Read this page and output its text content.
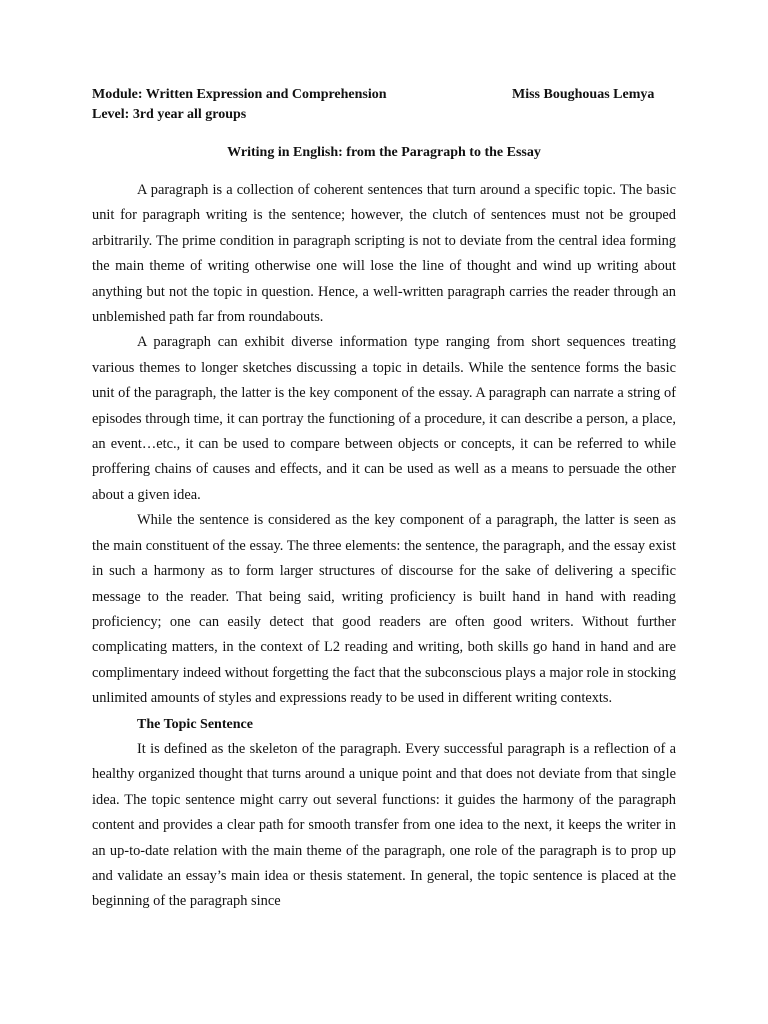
Module: Written Expression and Comprehension	Miss Boughouas Lemya
Level: 3rd year all groups
Writing in English: from the Paragraph to the Essay

A paragraph is a collection of coherent sentences that turn around a specific topic. The basic unit for paragraph writing is the sentence; however, the clutch of sentences must not be grouped arbitrarily. The prime condition in paragraph scripting is not to deviate from the central idea forming the main theme of writing otherwise one will lose the line of thought and wind up writing about anything but not the topic in question. Hence, a well-written paragraph carries the reader through an unblemished path far from roundabouts.

A paragraph can exhibit diverse information type ranging from short sequences treating various themes to longer sketches discussing a topic in details. While the sentence forms the basic unit of the paragraph, the latter is the key component of the essay. A paragraph can narrate a string of episodes through time, it can portray the functioning of a procedure, it can describe a person, a place, an event…etc., it can be used to compare between objects or concepts, it can be referred to while proffering chains of causes and effects, and it can be used as well as a means to persuade the other about a given idea.

While the sentence is considered as the key component of a paragraph, the latter is seen as the main constituent of the essay. The three elements: the sentence, the paragraph, and the essay exist in such a harmony as to form larger structures of discourse for the sake of delivering a specific message to the reader. That being said, writing proficiency is built hand in hand with reading proficiency; one can easily detect that good readers are often good writers. Without further complicating matters, in the context of L2 reading and writing, both skills go hand in hand and are complimentary indeed without forgetting the fact that the subconscious plays a major role in stocking unlimited amounts of styles and expressions ready to be used in different writing contexts.

The Topic Sentence

It is defined as the skeleton of the paragraph. Every successful paragraph is a reflection of a healthy organized thought that turns around a unique point and that does not deviate from that single idea. The topic sentence might carry out several functions: it guides the harmony of the paragraph content and provides a clear path for smooth transfer from one idea to the next, it keeps the writer in an up-to-date relation with the main theme of the paragraph, one role of the paragraph is to prop up and validate an essay’s main idea or thesis statement. In general, the topic sentence is placed at the beginning of the paragraph since
